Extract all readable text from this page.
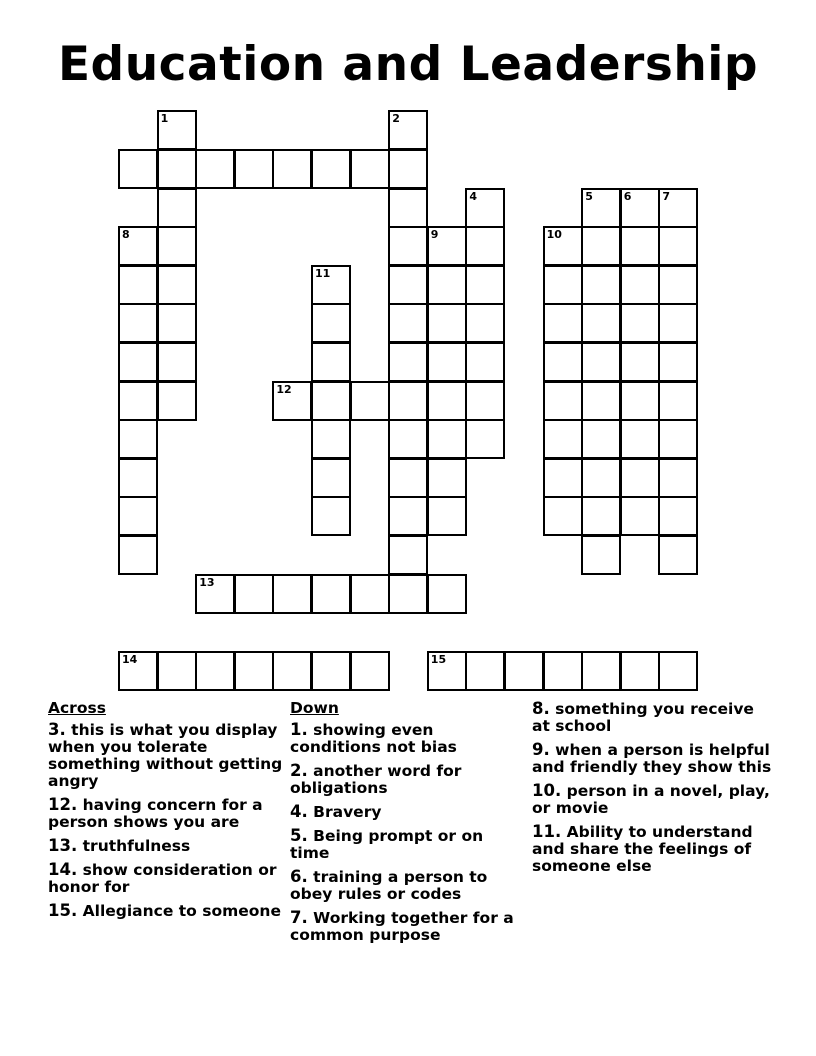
Education and Leadership
1	2
4	5	6	7
8	9	10
11
12
13
14	15
Across
3. this is what you display when you tolerate something without getting angry
12. having concern for a person shows you are
13. truthfulness
14. show consideration or honor for
15. Allegiance to someone
Down
1. showing even conditions not bias
2. another word for obligations
4. Bravery
5. Being prompt or on time
6. training a person to obey rules or codes
7. Working together for a common purpose
8. something you receive at school
9. when a person is helpful and friendly they show this
10. person in a novel, play, or movie
11. Ability to understand and share the feelings of someone else
